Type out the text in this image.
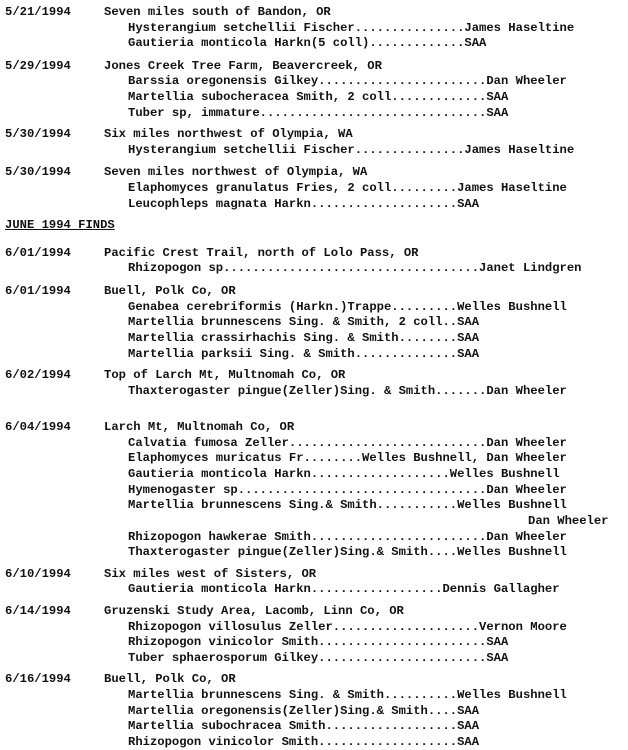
5/21/1994	Seven miles south of Bandon, OR
Hysterangium setchellii Fischer...............James Haseltine
Gautieria monticola Harkn(5 coll).............SAA
5/29/1994	Jones Creek Tree Farm, Beavercreek, OR
Barssia oregonensis Gilkey.......................Dan Wheeler
Martellia subocheracea Smith, 2 coll.............SAA
Tuber sp, immature...............................SAA
5/30/1994	Six miles northwest of Olympia, WA
Hysterangium setchellii Fischer...............James Haseltine
5/30/1994	Seven miles northwest of Olympia, WA
Elaphomyces granulatus Fries, 2 coll.........James Haseltine
Leucophleps magnata Harkn....................SAA
JUNE 1994 FINDS
6/01/1994	Pacific Crest Trail, north of Lolo Pass, OR
Rhizopogon sp...................................Janet Lindgren
6/01/1994	Buell, Polk Co, OR
Genabea cerebriformis (Harkn.)Trappe.........Welles Bushnell
Martellia brunnescens Sing. & Smith, 2 coll..SAA
Martellia crassirhachis Sing. & Smith........SAA
Martellia parksii Sing. & Smith..............SAA
6/02/1994	Top of Larch Mt, Multnomah Co, OR
Thaxterogaster pingue(Zeller)Sing. & Smith.......Dan Wheeler
6/04/1994	Larch Mt, Multnomah Co, OR
Calvatia fumosa Zeller...........................Dan Wheeler
Elaphomyces muricatus Fr........Welles Bushnell, Dan Wheeler
Gautieria monticola Harkn...................Welles Bushnell
Hymenogaster sp..................................Dan Wheeler
Martellia brunnescens Sing.& Smith...........Welles Bushnell
Dan Wheeler
Rhizopogon hawkerae Smith........................Dan Wheeler
Thaxterogaster pingue(Zeller)Sing.& Smith....Welles Bushnell
6/10/1994	Six miles west of Sisters, OR
Gautieria monticola Harkn..................Dennis Gallagher
6/14/1994	Gruzenski Study Area, Lacomb, Linn Co, OR
Rhizopogon villosulus Zeller....................Vernon Moore
Rhizopogon vinicolor Smith.......................SAA
Tuber sphaerosporum Gilkey.......................SAA
6/16/1994	Buell, Polk Co, OR
Martellia brunnescens Sing. & Smith..........Welles Bushnell
Martellia oregonensis(Zeller)Sing.& Smith....SAA
Martellia subochracea Smith..................SAA
Rhizopogon vinicolor Smith...................SAA
